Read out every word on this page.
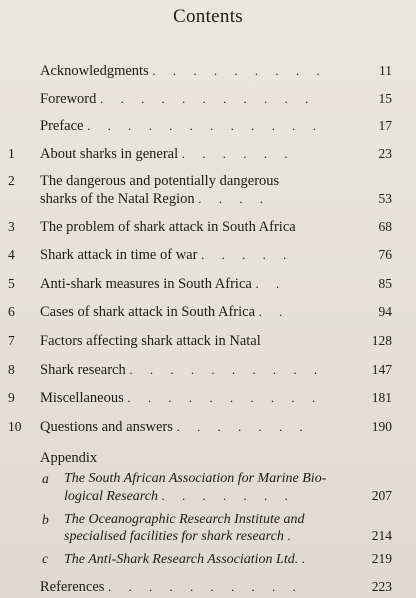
Contents
Acknowledgments . . . . . . . . .	11
Foreword . . . . . . . . . . .	15
Preface . . . . . . . . . . . .	17
1	About sharks in general . . . . . .	23
2	The dangerous and potentially dangerous
sharks of the Natal Region . . . .	53
3	The problem of shark attack in South Africa	68
4	Shark attack in time of war . . . . .	76
5	Anti-shark measures in South Africa . .	85
6	Cases of shark attack in South Africa . .	94
7	Factors affecting shark attack in Natal	128
8	Shark research . . . . . . . . . .	147
9	Miscellaneous . . . . . . . . . .	181
10	Questions and answers . . . . . . .	190
Appendix
a	The South African Association for Marine Bio-
logical Research . . . . . . .	207
b	The Oceanographic Research Institute and
specialised facilities for shark research .	214
c	The Anti-Shark Research Association Ltd. .	219
References . . . . . . . . . .	223
